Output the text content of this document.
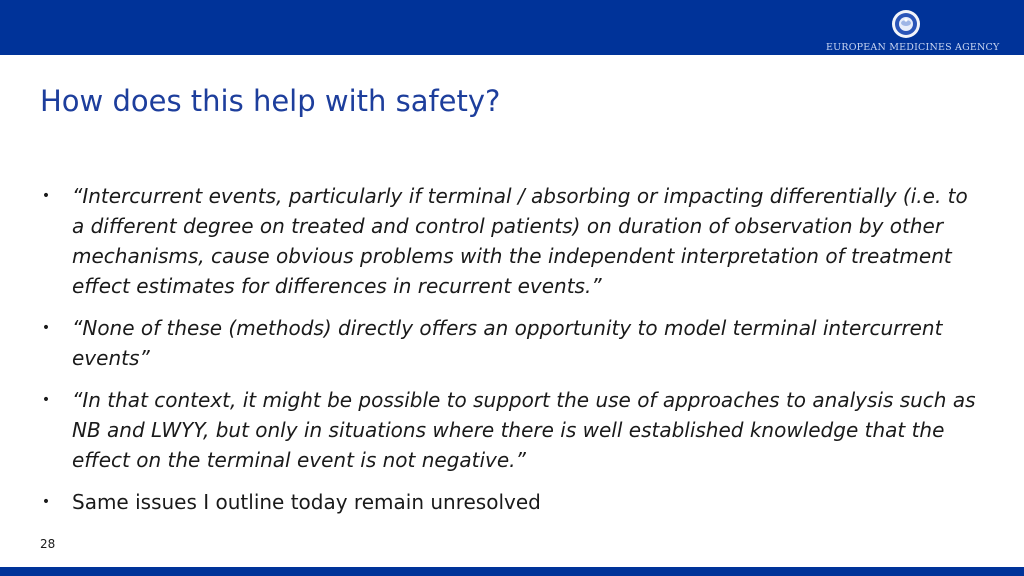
EUROPEAN MEDICINES AGENCY
How does this help with safety?
• “Intercurrent events, particularly if terminal / absorbing or impacting differentially (i.e. to a different degree on treated and control patients) on duration of observation by other mechanisms, cause obvious problems with the independent interpretation of treatment effect estimates for differences in recurrent events.”
• “None of these (methods) directly offers an opportunity to model terminal intercurrent events”
• “In that context, it might be possible to support the use of approaches to analysis such as NB and LWYY, but only in situations where there is well established knowledge that the effect on the terminal event is not negative.”
• Same issues I outline today remain unresolved
28
